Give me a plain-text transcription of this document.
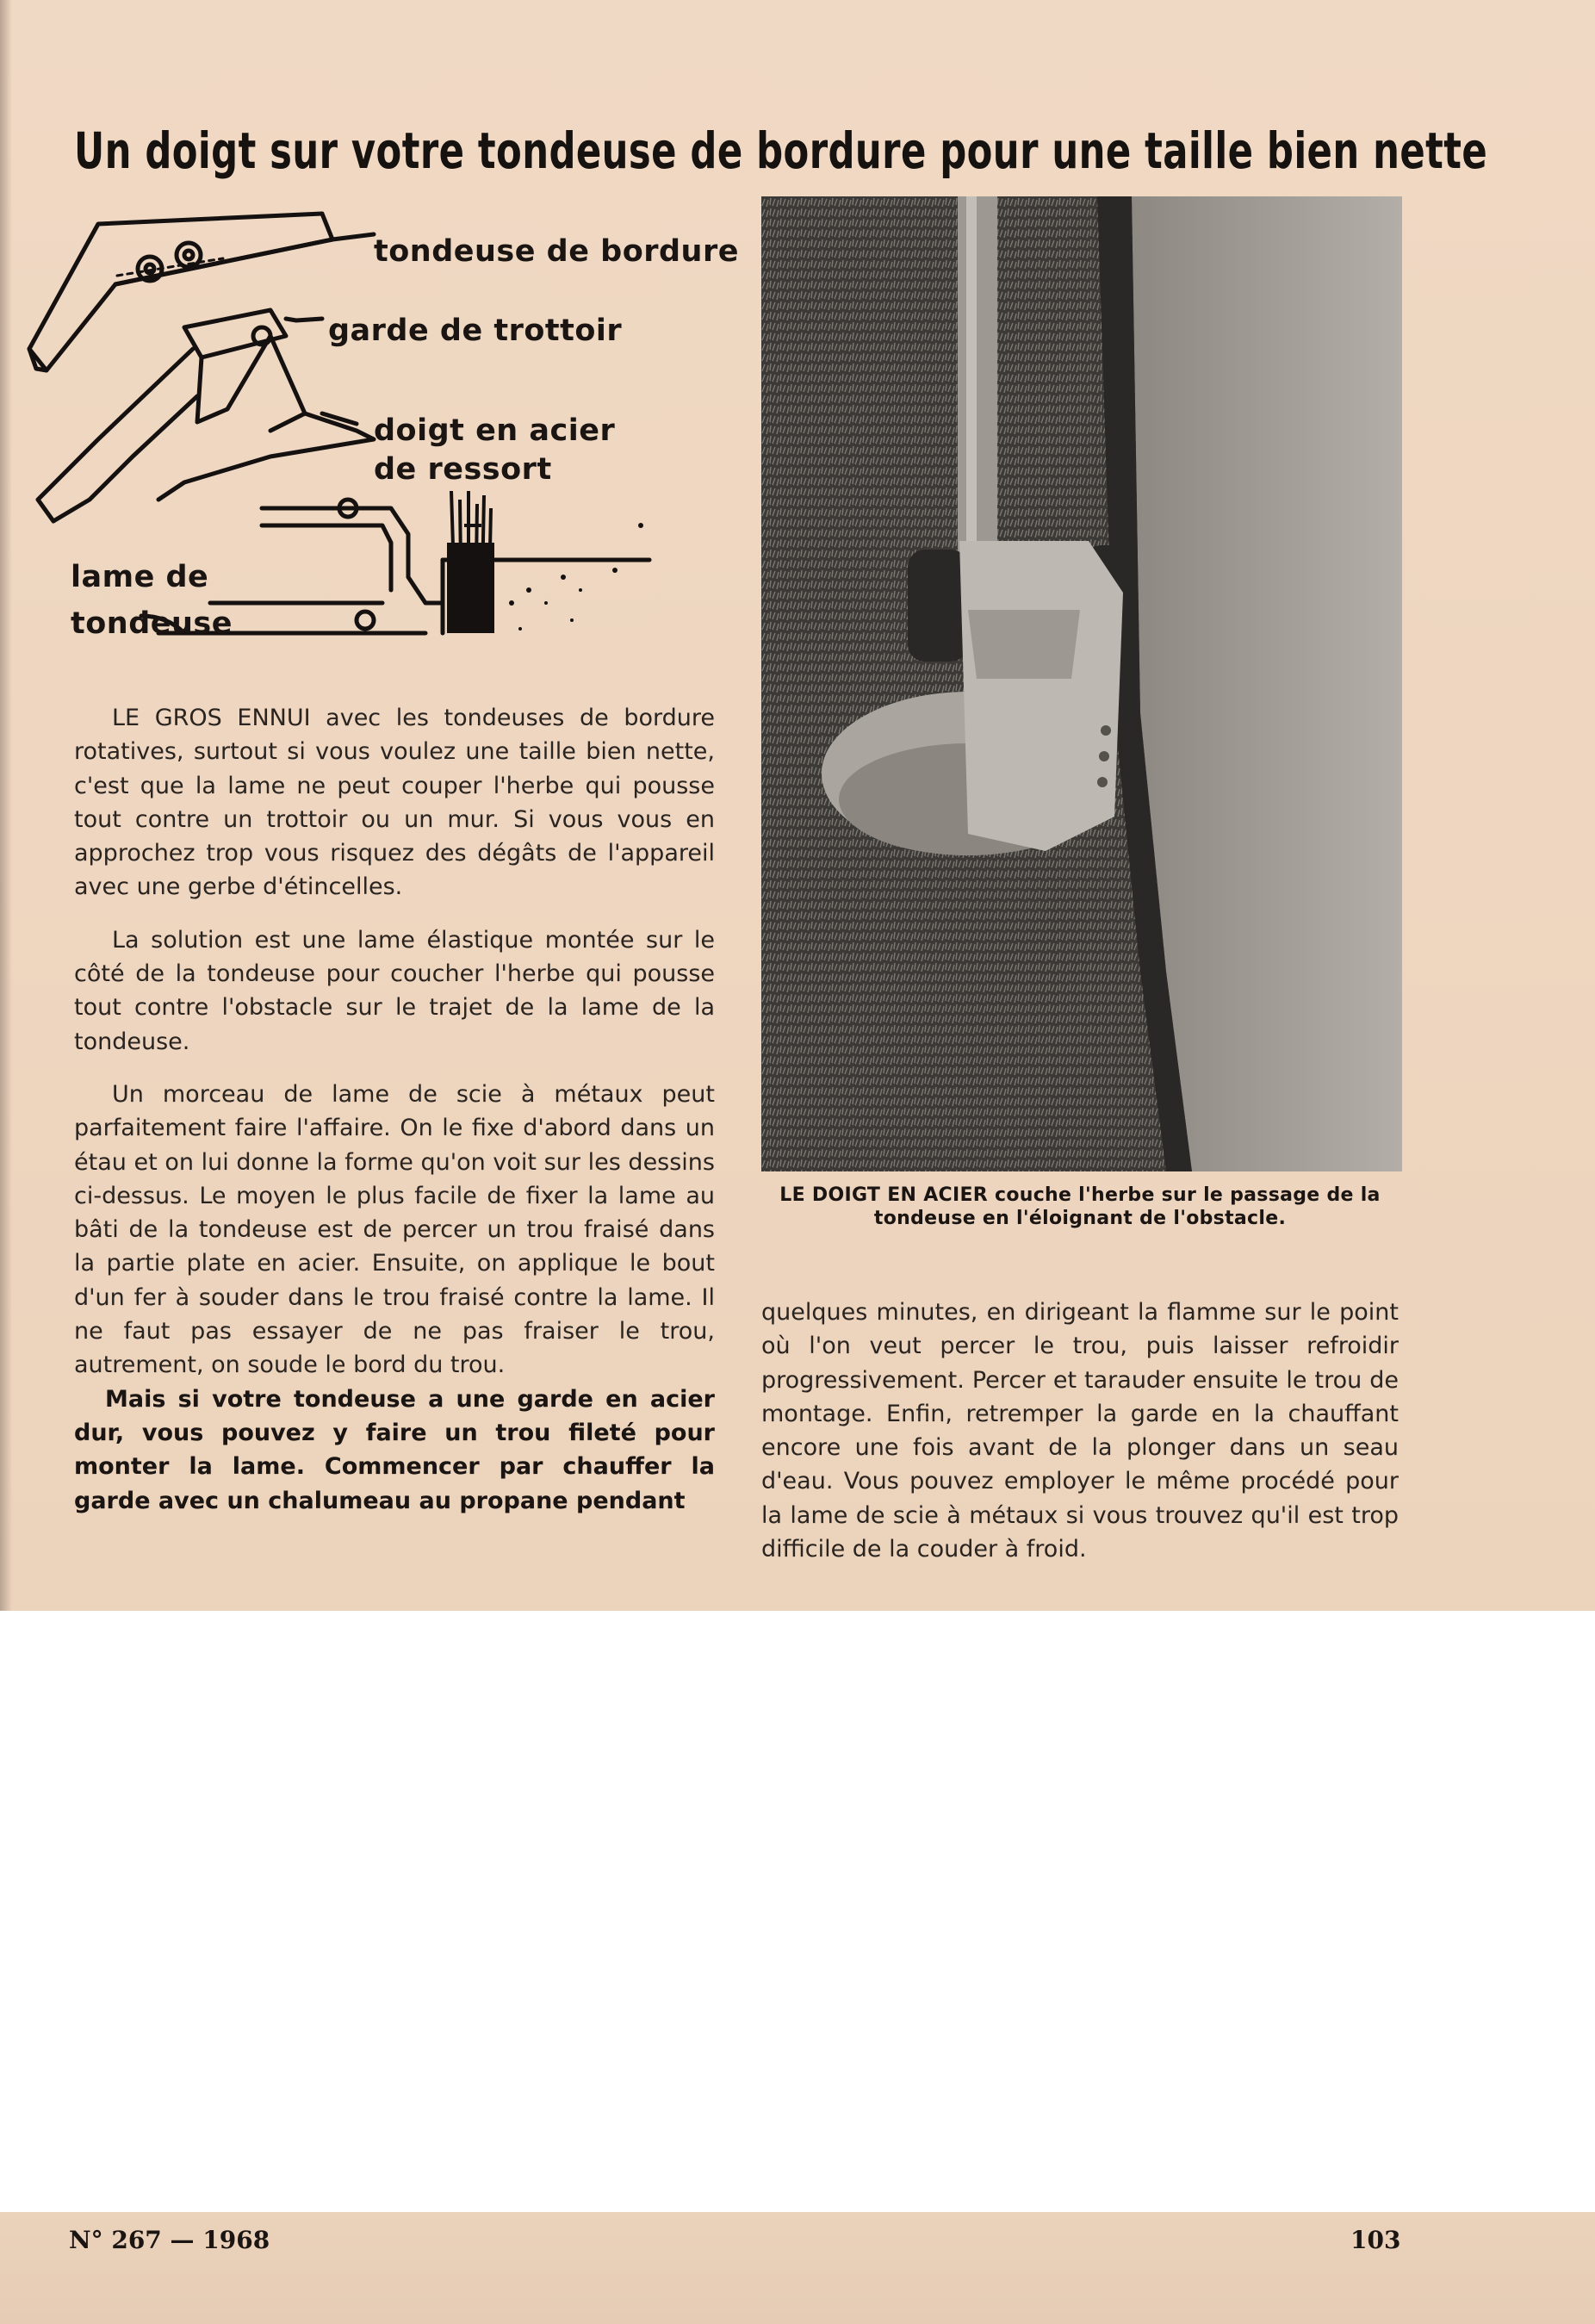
Un doigt sur votre tondeuse de bordure pour une taille bien nette
tondeuse de bordure
garde de trottoir
doigt en acier
de ressort
lame de
tondeuse

LE GROS ENNUI avec les tondeuses de bordure rotatives, surtout si vous voulez une taille bien nette, c'est que la lame ne peut couper l'herbe qui pousse tout contre un trottoir ou un mur. Si vous vous en approchez trop vous risquez des dégâts de l'appareil avec une gerbe d'étincelles.

La solution est une lame élastique montée sur le côté de la tondeuse pour coucher l'herbe qui pousse tout contre l'obstacle sur le trajet de la lame de la tondeuse.

Un morceau de lame de scie à métaux peut parfaitement faire l'affaire. On le fixe d'abord dans un étau et on lui donne la forme qu'on voit sur les dessins ci-dessus. Le moyen le plus facile de fixer la lame au bâti de la tondeuse est de percer un trou fraisé dans la partie plate en acier. Ensuite, on applique le bout d'un fer à souder dans le trou fraisé contre la lame. Il ne faut pas essayer de ne pas fraiser le trou, autrement, on soude le bord du trou.

Mais si votre tondeuse a une garde en acier dur, vous pouvez y faire un trou fileté pour monter la lame. Commencer par chauffer la garde avec un chalumeau au propane pendant

LE DOIGT EN ACIER couche l'herbe sur le passage de la tondeuse en l'éloignant de l'obstacle.

quelques minutes, en dirigeant la flamme sur le point où l'on veut percer le trou, puis laisser refroidir progressivement. Percer et tarauder ensuite le trou de montage. Enfin, retremper la garde en la chauffant encore une fois avant de la plonger dans un seau d'eau. Vous pouvez employer le même procédé pour la lame de scie à métaux si vous trouvez qu'il est trop difficile de la couder à froid.

N° 267 — 1968	103
